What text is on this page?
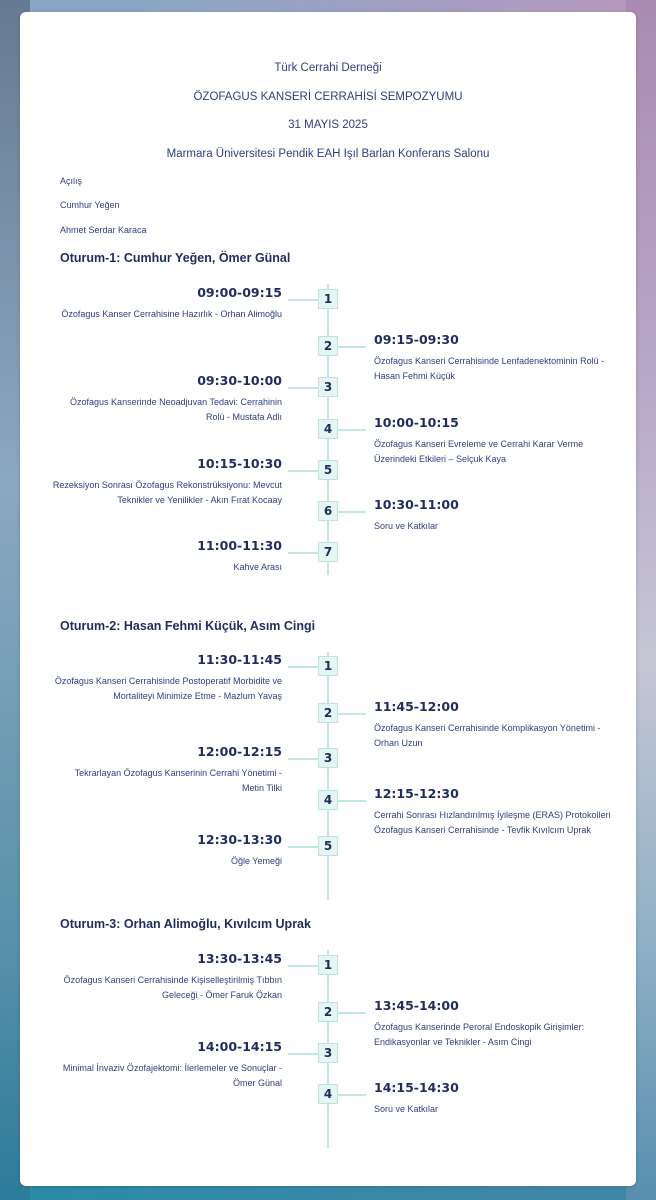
Türk Cerrahi Derneği
ÖZOFAGUS KANSERİ CERRAHİSİ SEMPOZYUMU
31 MAYIS 2025
Marmara Üniversitesi Pendik EAH Işıl Barlan Konferans Salonu
Açılış
Cumhur Yeğen
Ahmet Serdar Karaca
Oturum-1: Cumhur Yeğen, Ömer Günal
Oturum-2: Hasan Fehmi Küçük, Asım Cingi
Oturum-3: Orhan Alimoğlu, Kıvılcım Uprak
1
09:00-09:15
Özofagus Kanser Cerrahisine Hazırlık - Orhan Alimoğlu
2	09:15-09:30
Özofagus Kanseri Cerrahisinde Lenfadenektominin Rolü - Hasan Fehmi Küçük
3
09:30-10:00
Özofagus Kanserinde Neoadjuvan Tedavi: Cerrahinin Rolü - Mustafa Adlı
4	10:00-10:15
Özofagus Kanseri Evreleme ve Cerrahi Karar Verme Üzerindeki Etkileri – Selçuk Kaya
5
10:15-10:30
Rezeksiyon Sonrası Özofagus Rekonstrüksiyonu: Mevcut Teknikler ve Yenilikler - Akın Fırat Kocaay
6	10:30-11:00
Soru ve Katkılar
7
11:00-11:30
Kahve Arası
1
11:30-11:45
Özofagus Kanseri Cerrahisinde Postoperatif Morbidite ve Mortaliteyi Minimize Etme - Mazlum Yavaş
2	11:45-12:00
Özofagus Kanseri Cerrahisinde Komplikasyon Yönetimi - Orhan Uzun
3
12:00-12:15
Tekrarlayan Özofagus Kanserinin Cerrahi Yönetimi - Metin Tilki
4	12:15-12:30
Cerrahi Sonrası Hızlandırılmış İyileşme (ERAS) Protokolleri Özofagus Kanseri Cerrahisinde - Tevfik Kıvılcım Uprak
5
12:30-13:30
Öğle Yemeği
1
13:30-13:45
Özofagus Kanseri Cerrahisinde Kişiselleştirilmiş Tıbbın Geleceği - Ömer Faruk Özkan
2	13:45-14:00
Özofagus Kanserinde Peroral Endoskopik Girişimler: Endikasyonlar ve Teknikler - Asım Cingi
3
14:00-14:15
Minimal İnvaziv Özofajektomi: İlerlemeler ve Sonuçlar - Ömer Günal
4	14:15-14:30
Soru ve Katkılar
